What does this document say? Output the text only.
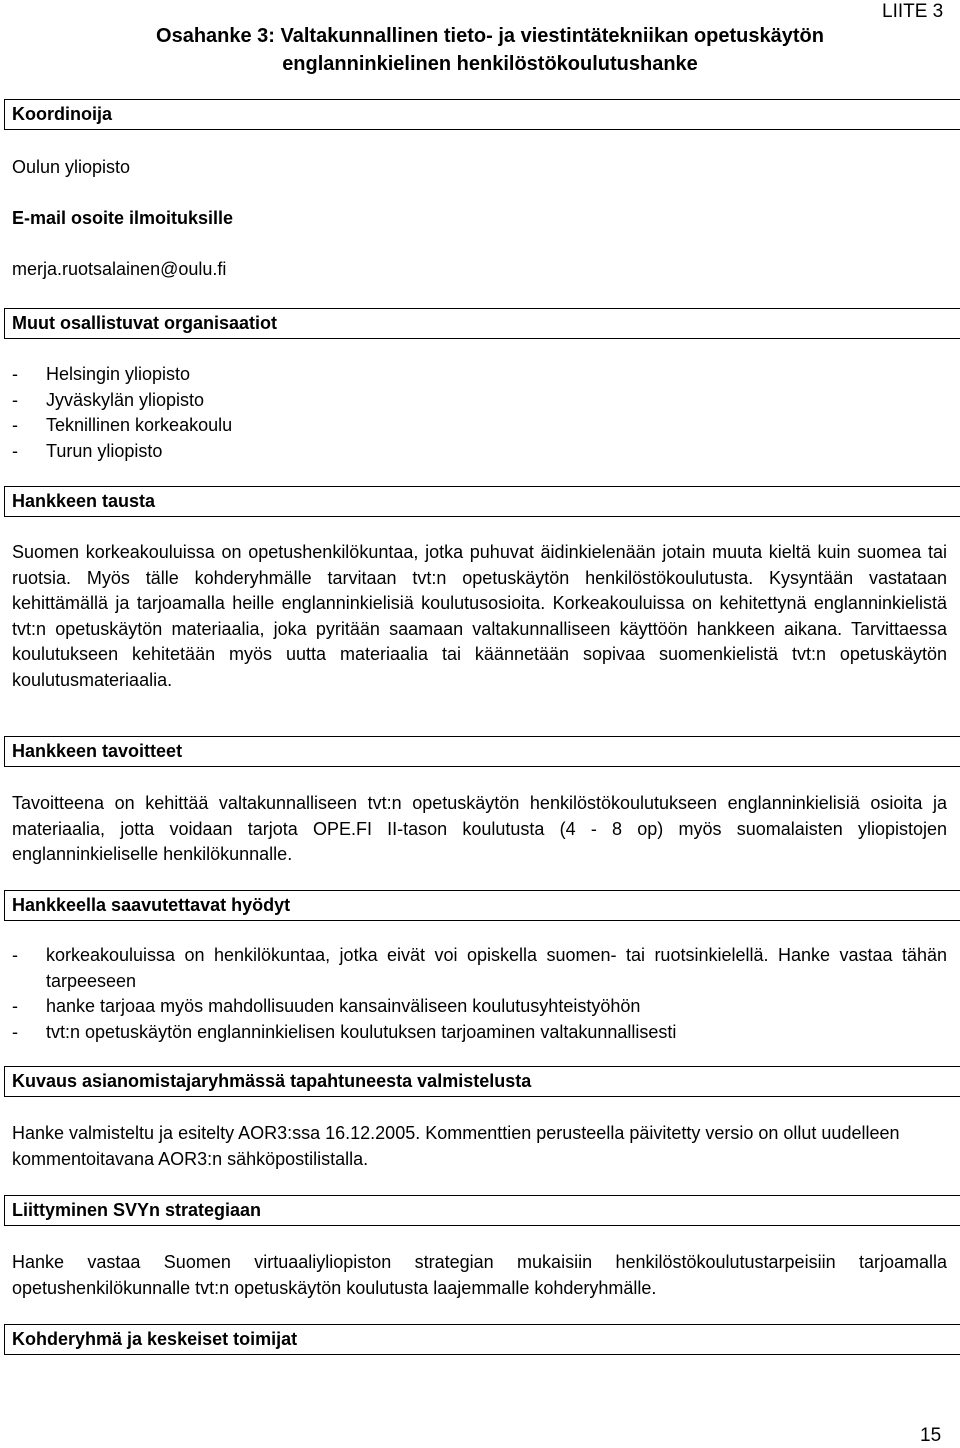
LIITE 3
Osahanke 3: Valtakunnallinen tieto- ja viestintätekniikan opetuskäytön
englanninkielinen henkilöstökoulutushanke
Koordinoija
Oulun yliopisto
E-mail osoite ilmoituksille
merja.ruotsalainen@oulu.fi
Muut osallistuvat organisaatiot
- Helsingin yliopisto
- Jyväskylän yliopisto
- Teknillinen korkeakoulu
- Turun yliopisto
Hankkeen tausta
Suomen korkeakouluissa on opetushenkilökuntaa, jotka puhuvat äidinkielenään jotain muuta kieltä kuin suomea tai ruotsia. Myös tälle kohderyhmälle tarvitaan tvt:n opetuskäytön henkilöstökoulutusta. Kysyntään vastataan kehittämällä ja tarjoamalla heille englanninkielisiä koulutusosioita. Korkeakouluissa on kehitettynä englanninkielistä tvt:n opetuskäytön materiaalia, joka pyritään saamaan valtakunnalliseen käyttöön hankkeen aikana. Tarvittaessa koulutukseen kehitetään myös uutta materiaalia tai käännetään sopivaa suomenkielistä tvt:n opetuskäytön koulutusmateriaalia.
Hankkeen tavoitteet
Tavoitteena on kehittää valtakunnalliseen tvt:n opetuskäytön henkilöstökoulutukseen englanninkielisiä osioita ja materiaalia, jotta voidaan tarjota OPE.FI II-tason koulutusta (4 - 8 op) myös suomalaisten yliopistojen englanninkieliselle henkilökunnalle.
Hankkeella saavutettavat hyödyt
- korkeakouluissa on henkilökuntaa, jotka eivät voi opiskella suomen- tai ruotsinkielellä. Hanke vastaa tähän tarpeeseen
- hanke tarjoaa myös mahdollisuuden kansainväliseen koulutusyhteistyöhön
- tvt:n opetuskäytön englanninkielisen koulutuksen tarjoaminen valtakunnallisesti
Kuvaus asianomistajaryhmässä tapahtuneesta valmistelusta
Hanke valmisteltu ja esitelty AOR3:ssa 16.12.2005. Kommenttien perusteella päivitetty versio on ollut uudelleen kommentoitavana AOR3:n sähköpostilistalla.
Liittyminen SVYn strategiaan
Hanke vastaa Suomen virtuaaliyliopiston strategian mukaisiin henkilöstökoulutustarpeisiin tarjoamalla opetushenkilökunnalle tvt:n opetuskäytön koulutusta laajemmalle kohderyhmälle.
Kohderyhmä ja keskeiset toimijat
15
